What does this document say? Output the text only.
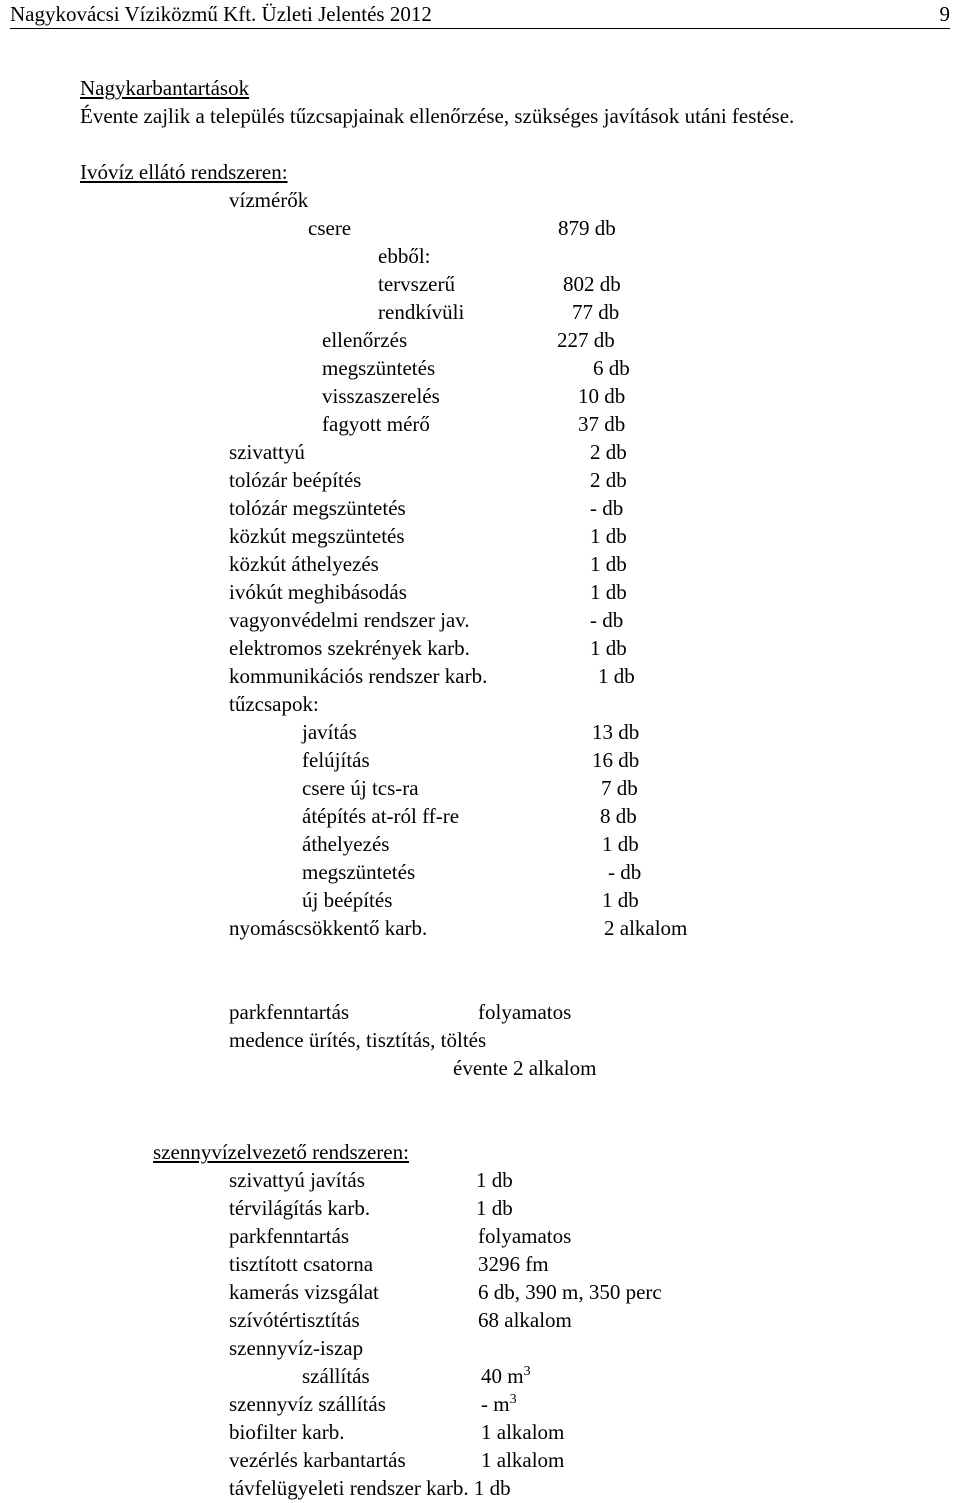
Nagykovácsi Víziközmű Kft. Üzleti Jelentés 2012	9
Nagykarbantartások
Évente zajlik a település tűzcsapjainak ellenőrzése, szükséges javítások utáni festése.
Ivóvíz ellátó rendszeren:
vízmérők
csere	879 db
ebből:
tervszerű	802 db
rendkívüli	77 db
ellenőrzés	227 db
megszüntetés	6 db
visszaszerelés	10 db
fagyott mérő	37 db
szivattyú	2 db
tolózár beépítés	2 db
tolózár megszüntetés	- db
közkút megszüntetés	1 db
közkút áthelyezés	1 db
ivókút meghibásodás	1 db
vagyonvédelmi rendszer jav.	- db
elektromos szekrények karb.	1 db
kommunikációs rendszer karb.	1 db
tűzcsapok:
javítás	13 db
felújítás	16 db
csere új tcs-ra	7 db
átépítés at-ról ff-re	8 db
áthelyezés	1 db
megszüntetés	- db
új beépítés	1 db
nyomáscsökkentő karb.	2 alkalom
parkfenntartás	folyamatos
medence ürítés, tisztítás, töltés
évente 2 alkalom
szennyvízelvezető rendszeren:
szivattyú javítás	1 db
térvilágítás karb.	1 db
parkfenntartás	folyamatos
tisztított csatorna	3296 fm
kamerás vizsgálat	6 db, 390 m, 350 perc
szívótértisztítás	68 alkalom
szennyvíz-iszap
szállítás	40 $m^3$
szennyvíz szállítás	- $m^3$
biofilter karb.	1 alkalom
vezérlés karbantartás	1 alkalom
távfelügyeleti rendszer karb. 1 db
